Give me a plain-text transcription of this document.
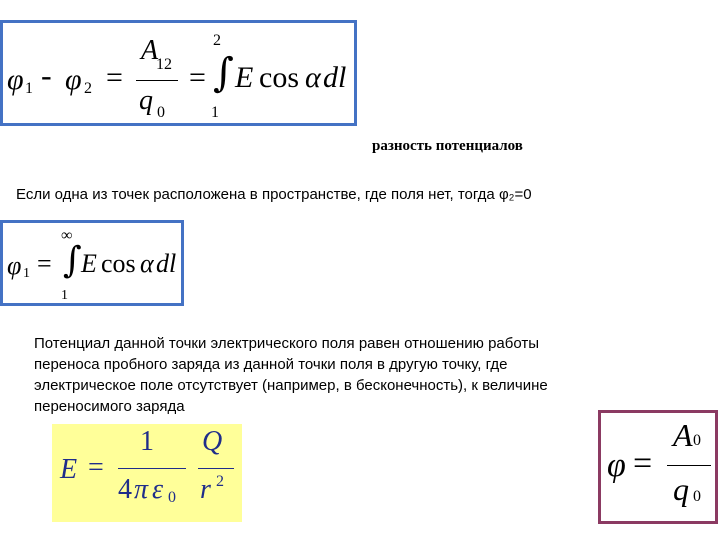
φ 1 - φ 2 =
A
12
q 0
=
2
∫
1
E cos α dl
разность потенциалов
Если одна из точек расположена в пространстве, где поля нет, тогда φ₂=0
φ 1 =
∞
∫
1
E cos α dl
Потенциал данной точки электрического поля равен отношению работы
переноса пробного заряда из данной точки поля в другую точку, где
электрическое поле отсутствует (например, в бесконечность), к величине
переносимого заряда
E =
1
4 π ε 0
Q
r 2	φ =
A 0
q 0
